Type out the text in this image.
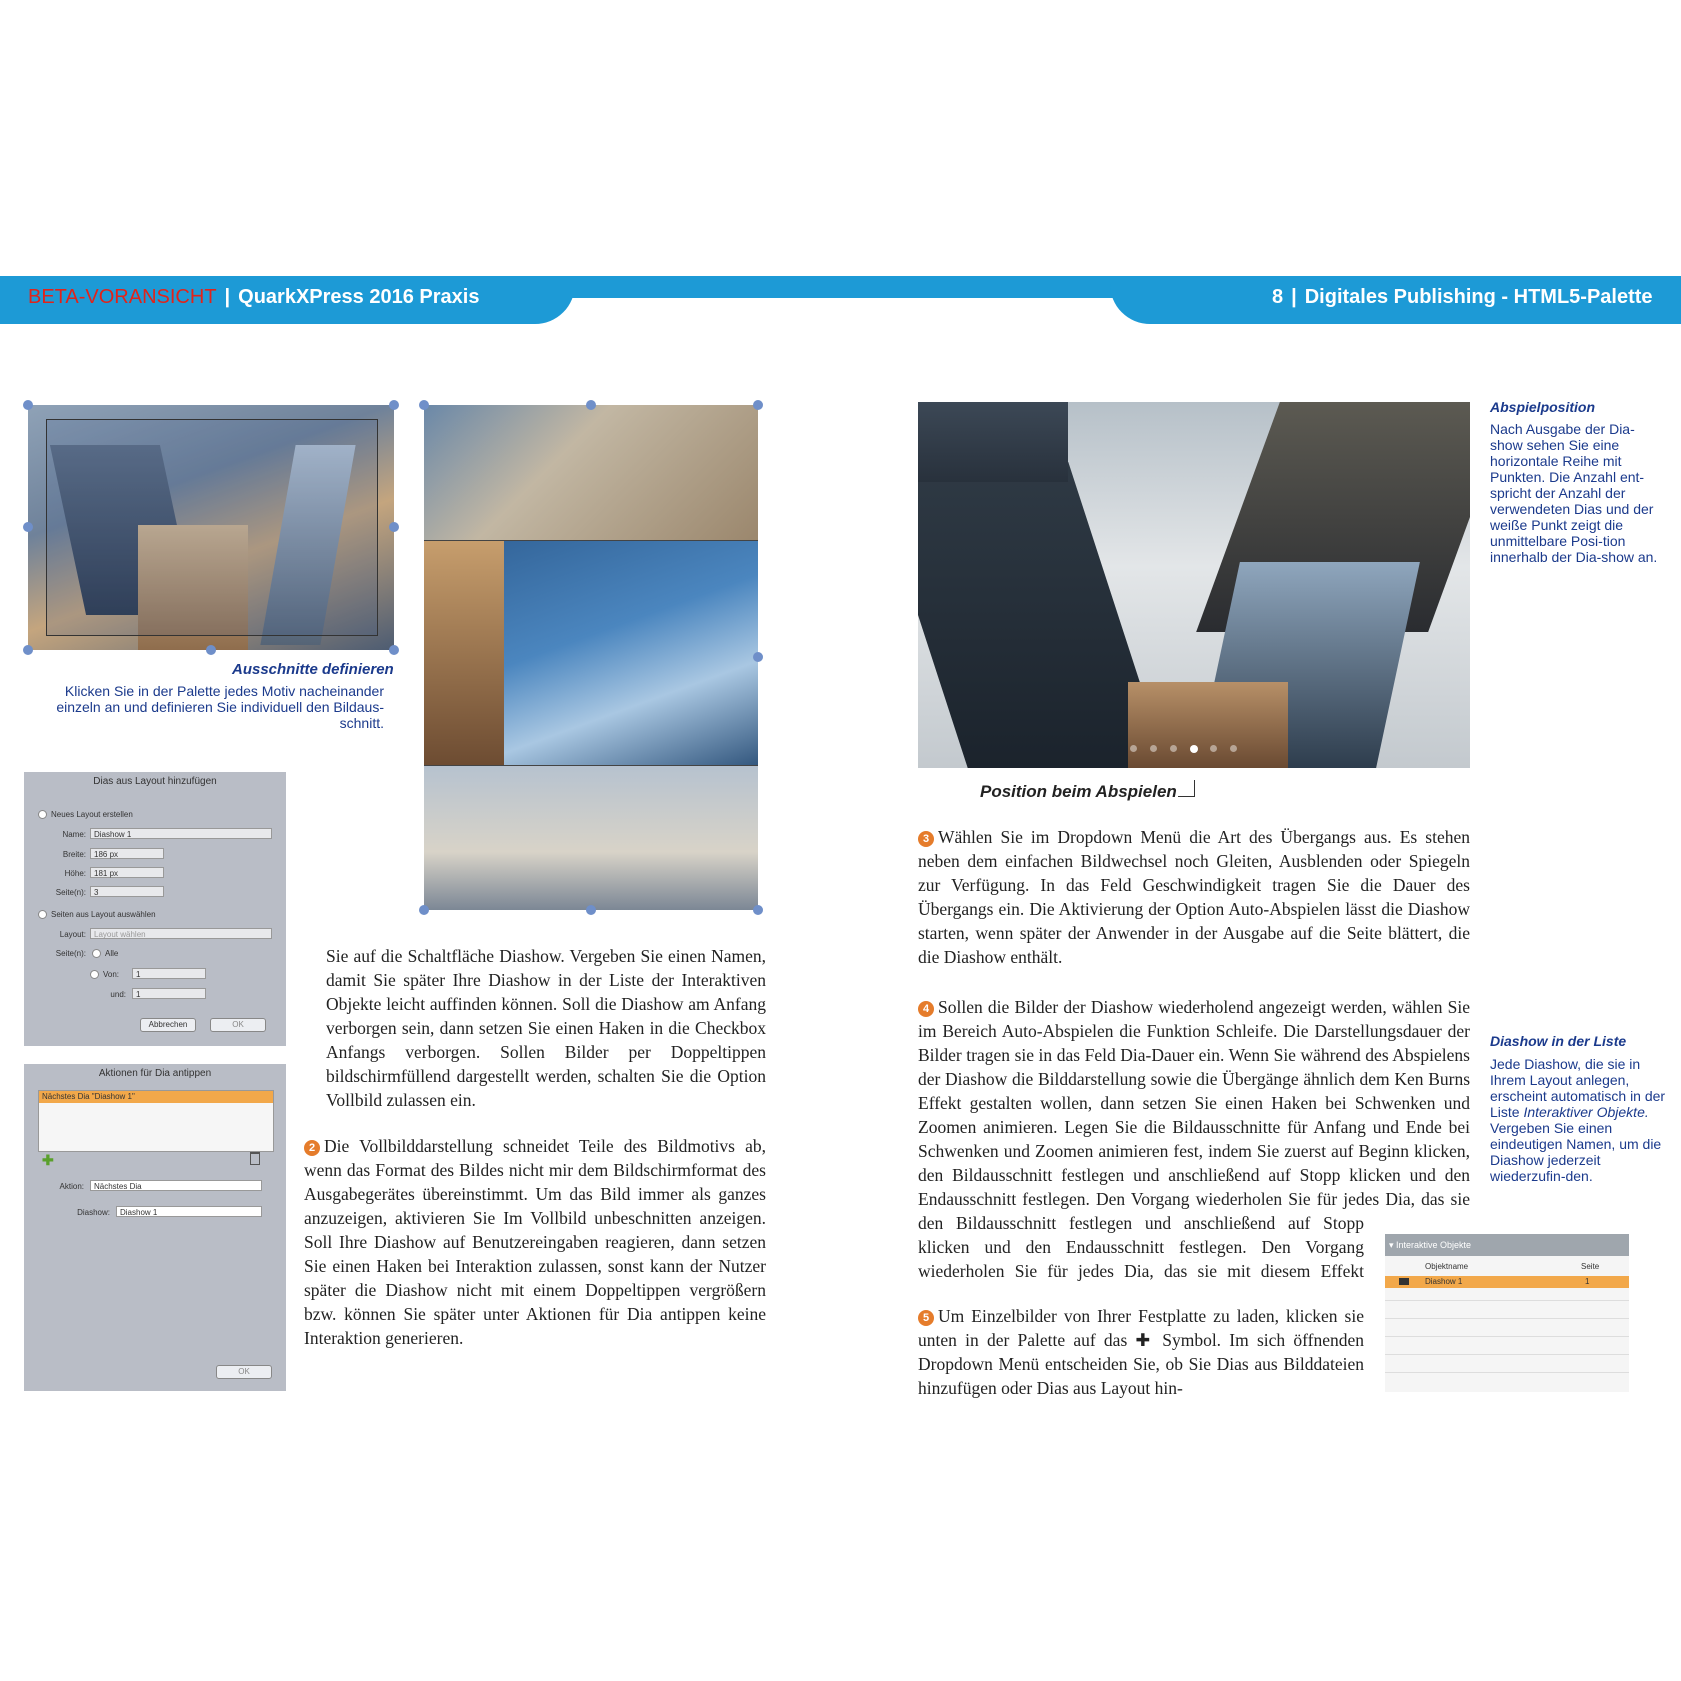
BETA-VORANSICHT | QuarkXPress 2016 Praxis	8 | Digitales Publishing - HTML5-Palette
Ausschnitte definieren
Klicken Sie in der Palette jedes Motiv nacheinander einzeln an und definieren Sie individuell den Bildaus-schnitt.
Dias aus Layout hinzufügen
Neues Layout erstellen
Name:	Diashow 1
Breite:	186 px
Höhe:	181 px
Seite(n):	3
Seiten aus Layout auswählen
Layout:	Layout wählen
Seite(n):	Alle
Von:	1
und:	1
Abbrechen	OK
Aktionen für Dia antippen
Nächstes Dia "Diashow 1"
✚
Aktion:	Nächstes Dia
Diashow:	Diashow 1
OK
Sie auf die Schaltfläche Diashow. Vergeben Sie einen Namen, damit Sie später Ihre Diashow in der Liste der Interaktiven Objekte leicht auffinden können. Soll die Diashow am Anfang verborgen sein, dann setzen Sie einen Haken in die Checkbox Anfangs verborgen. Sollen Bilder per Doppeltippen bildschirmfüllend dargestellt werden, schalten Sie die Option Vollbild zulassen ein.
2 Die Vollbilddarstellung schneidet Teile des Bildmotivs ab, wenn das Format des Bildes nicht mir dem Bildschirmformat des Ausgabegerätes übereinstimmt. Um das Bild immer als ganzes anzuzeigen, aktivieren Sie Im Vollbild unbeschnitten anzeigen. Soll Ihre Diashow auf Benutzereingaben reagieren, dann setzen Sie einen Haken bei Interaktion zulassen, sonst kann der Nutzer später die Diashow nicht mit einem Doppeltippen vergrößern bzw. können Sie später unter Aktionen für Dia antippen keine Interaktion generieren.
Position beim Abspielen
Abspielposition
Nach Ausgabe der Dia-show sehen Sie eine horizontale Reihe mit Punkten. Die Anzahl ent-spricht der Anzahl der verwendeten Dias und der weiße Punkt zeigt die unmittelbare Posi-tion innerhalb der Dia-show an.
Diashow in der Liste
Jede Diashow, die sie in Ihrem Layout anlegen, erscheint automatisch in der Liste Interaktiver Objekte. Vergeben Sie einen eindeutigen Namen, um die Diashow jederzeit wiederzufin-den.
3 Wählen Sie im Dropdown Menü die Art des Übergangs aus. Es stehen neben dem einfachen Bildwechsel noch Gleiten, Ausblenden oder Spiegeln zur Verfügung. In das Feld Geschwindigkeit tragen Sie die Dauer des Übergangs ein. Die Aktivierung der Option Auto-Abspielen lässt die Diashow starten, wenn später der Anwender in der Ausgabe auf die Seite blättert, die die Diashow enthält.
4 Sollen die Bilder der Diashow wiederholend angezeigt werden, wählen Sie im Bereich Auto-Abspielen die Funktion Schleife. Die Darstellungsdauer der Bilder tragen sie in das Feld Dia-Dauer ein. Wenn Sie während des Abspielens der Diashow die Bilddarstellung sowie die Übergänge ähnlich dem Ken Burns Effekt gestalten wollen, dann setzen Sie einen Haken bei Schwenken und Zoomen animieren. Legen Sie die Bildausschnitte für Anfang und Ende bei Schwenken und Zoomen animieren fest, indem Sie zuerst auf Beginn klicken, den Bildausschnitt festlegen und anschließend auf Stopp klicken und den Endausschnitt festlegen. Den Vorgang wiederholen Sie für jedes Dia, das sie
den Bildausschnitt festlegen und anschließend auf Stopp klicken und den Endausschnitt festlegen. Den Vorgang wiederholen Sie für jedes Dia, das sie mit diesem Effekt
5 Um Einzelbilder von Ihrer Festplatte zu laden, klicken sie unten in der Palette auf das ✚ Symbol. Im sich öffnenden Dropdown Menü entscheiden Sie, ob Sie Dias aus Bilddateien hinzufügen oder Dias aus Layout hin-
▾ Interaktive Objekte
Objektname	Seite
Diashow 1	1
